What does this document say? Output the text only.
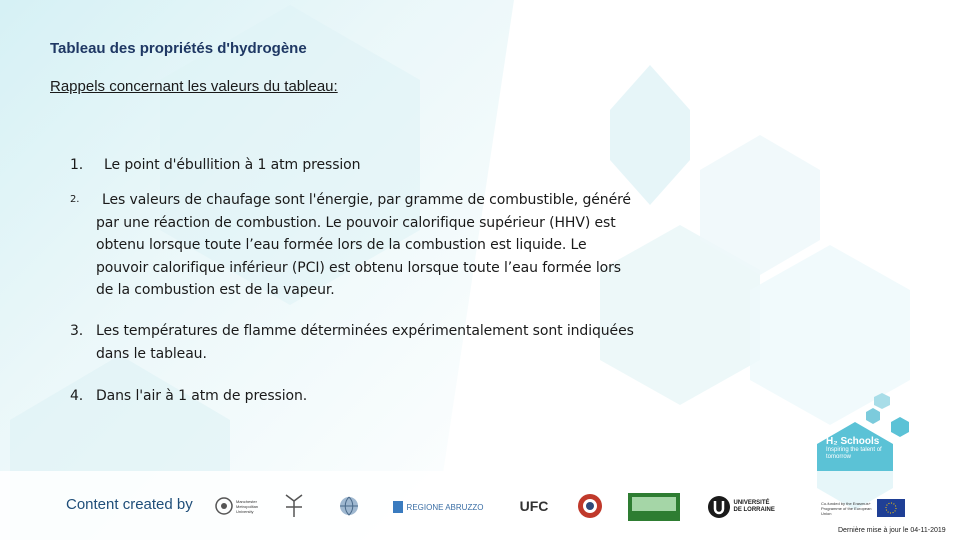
Tableau des propriétés d'hydrogène
Rappels concernant les valeurs du tableau:
1. Le point d'ébullition à 1 atm pression
2.	Les valeurs de chaufage sont l'énergie, par gramme de combustible, généré
par une réaction de combustion. Le pouvoir calorifique supérieur (HHV) est
obtenu lorsque toute l’eau formée lors de la combustion est liquide. Le
pouvoir calorifique inférieur (PCI) est obtenu lorsque toute l’eau formée lors
de la combustion est de la vapeur.
3. Les températures de flamme déterminées expérimentalement sont indiquées
dans le tableau.
4. Dans l'air à 1 atm de pression.
H₂ Schools
Inspiring the talent of tomorrow
Content created by	Manchester Metropolitan University	REGIONE ABRUZZO	UFC	UNIVERSITÉ DE LORRAINE
Co-funded by the Erasmus+ Programme of the European Union
Dernière mise à jour le 04-11-2019
